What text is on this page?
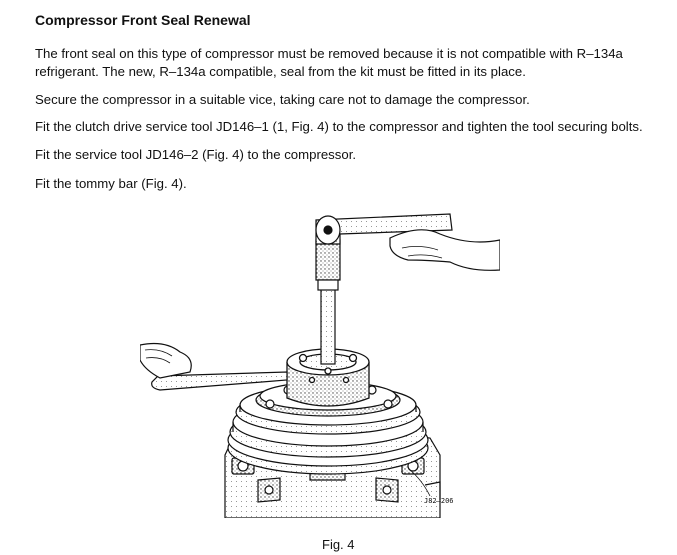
Compressor Front Seal Renewal
The front seal on this type of compressor must be removed because it is not compatible with R–134a
refrigerant. The new, R–134a compatible, seal from the kit must be fitted in its place.
Secure the compressor in a suitable vice, taking care not to damage the compressor.
Fit the clutch drive service tool JD146–1 (1, Fig. 4) to the compressor and tighten the tool securing bolts.
Fit the service tool JD146–2 (Fig. 4) to the compressor.
Fit the tommy bar (Fig. 4).
J82–206
Fig. 4
